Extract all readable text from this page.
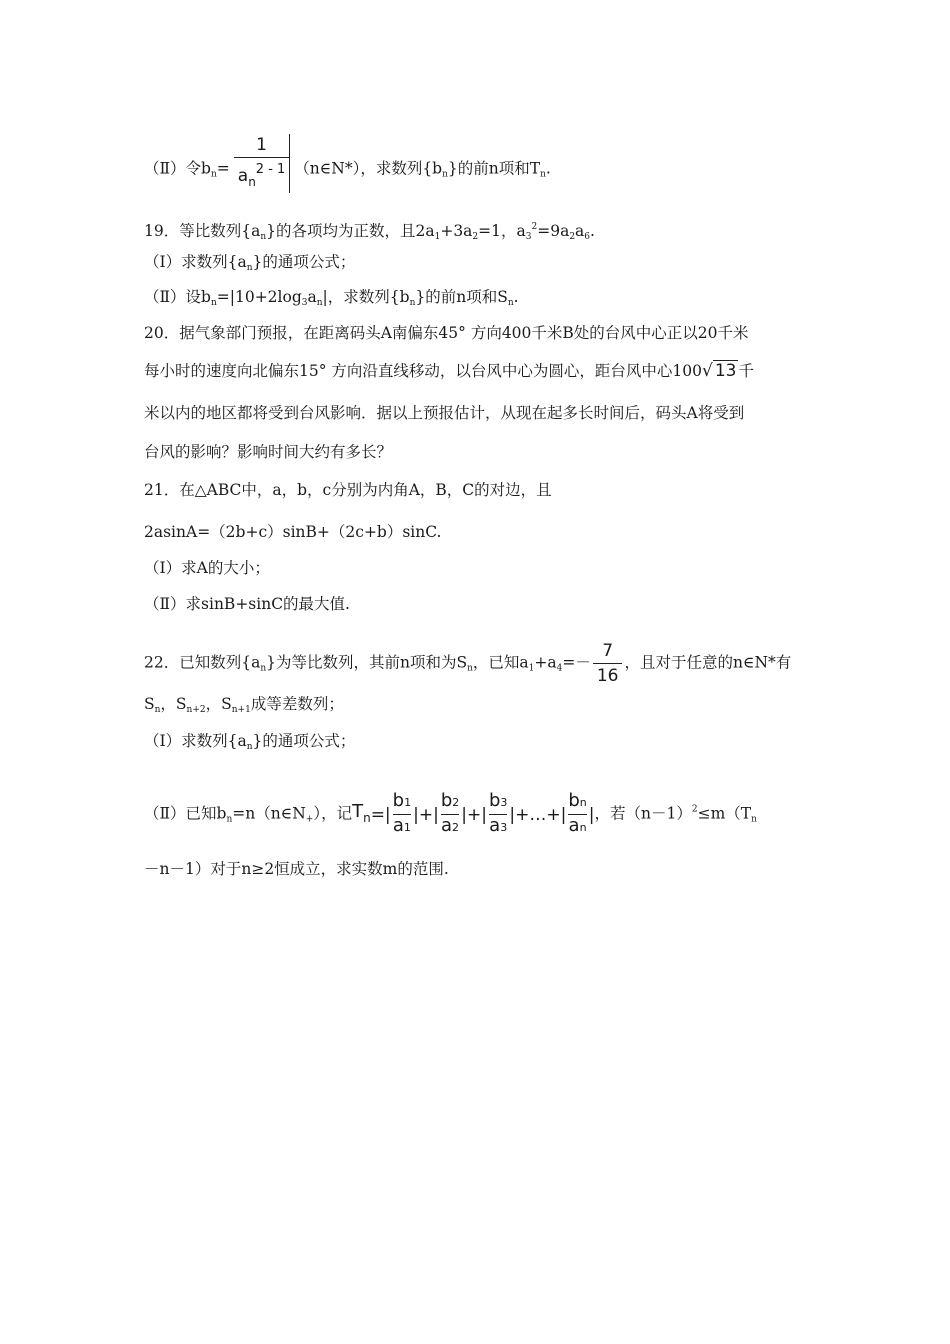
（Ⅱ）令$b_n= \frac{1}{a_n^{2 - 1}}$ （n∈N*），求数列$\{b_n\}$的前n项和$T_n$.
19．等比数列$\{a_n\}$的各项均为正数，且$2a_1+3a_2=1$，$a_3^2=9a_2a_6$.
（Ⅰ）求数列$\{a_n\}$的通项公式；
（Ⅱ）设$b_n=|10+2\log_3a_n|$，求数列$\{b_n\}$的前n项和$S_n$.
20．据气象部门预报，在距离码头A南偏东45° 方向400千米B处的台风中心正以20千米
每小时的速度向北偏东15° 方向沿直线移动，以台风中心为圆心，距台风中心100√ 13 千
米以内的地区都将受到台风影响．据以上预报估计，从现在起多长时间后，码头A将受到
台风的影响？影响时间大约有多长？
21．在△ABC中，a，b，c分别为内角A，B，C的对边，且
2asinA=（2b+c）sinB+（2c+b）sinC.
（Ⅰ）求A的大小；
（Ⅱ）求sinB+sinC的最大值.
22．已知数列$\{a_n\}$为等比数列，其前n项和为$S_n$，已知$a_1+a_4=- \frac{7}{16}$ ，且对于任意的n∈N*有
$S_n$，$S_{n+2}$，$S_{n+1}$成等差数列；
（Ⅰ）求数列$\{a_n\}$的通项公式；
（Ⅱ）已知$b_n=n(n\in N_+)$，记$T_n=| \frac{b1}{a1}$ |+| $\frac{b2}{a2}$ |+| $\frac{b3}{a3}$ |+…+| $\frac{bn}{an}$ |，若$(n-1)^2\le m(T_n$
－n－1）对于n≥2恒成立，求实数m的范围.
